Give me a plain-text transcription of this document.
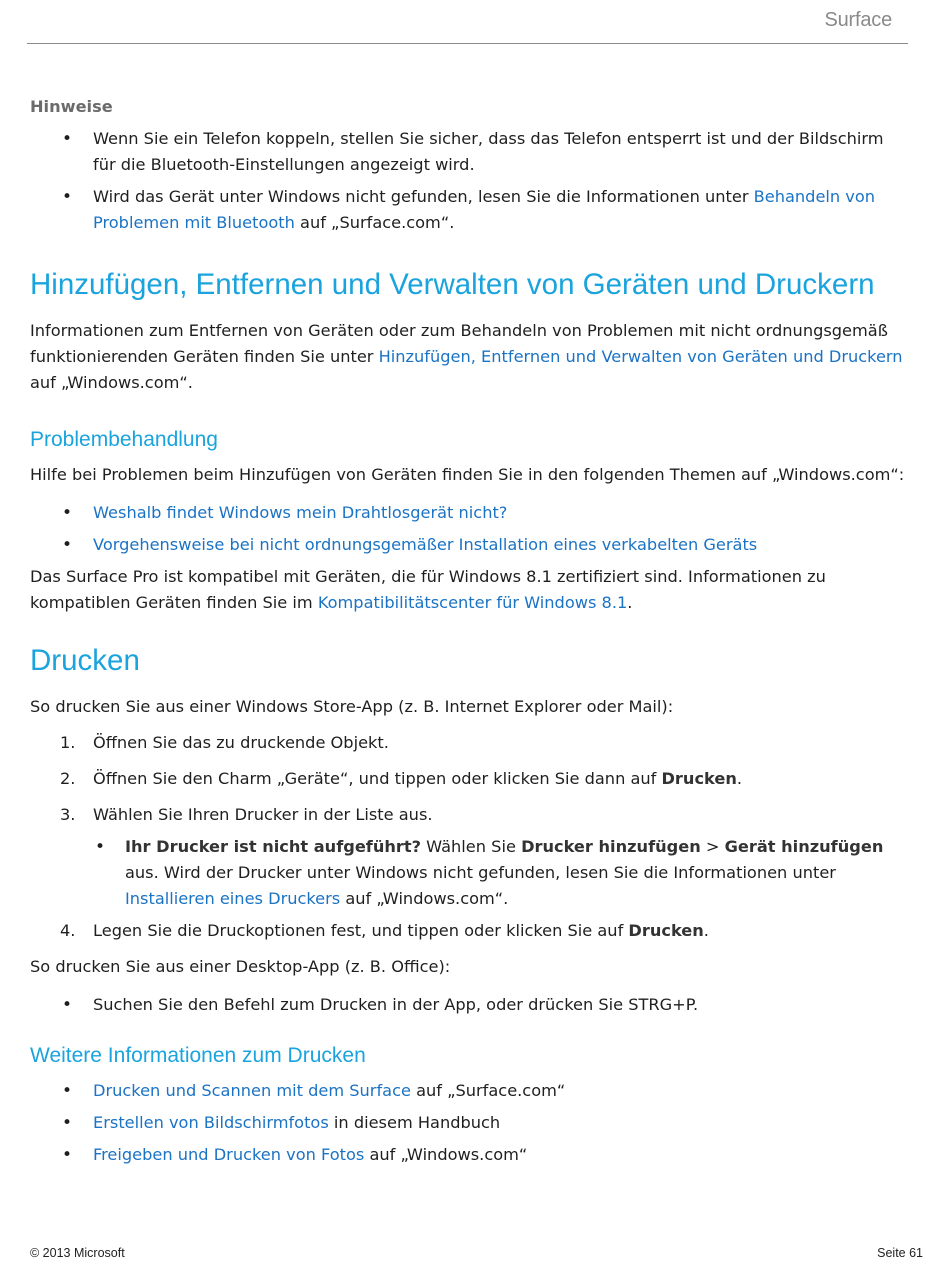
Surface
Hinweise
• Wenn Sie ein Telefon koppeln, stellen Sie sicher, dass das Telefon entsperrt ist und der Bildschirm für die Bluetooth-Einstellungen angezeigt wird.
• Wird das Gerät unter Windows nicht gefunden, lesen Sie die Informationen unter Behandeln von Problemen mit Bluetooth auf „Surface.com“.
Hinzufügen, Entfernen und Verwalten von Geräten und Druckern

Informationen zum Entfernen von Geräten oder zum Behandeln von Problemen mit nicht ordnungsgemäß funktionierenden Geräten finden Sie unter Hinzufügen, Entfernen und Verwalten von Geräten und Druckern auf „Windows.com“.

Problembehandlung

Hilfe bei Problemen beim Hinzufügen von Geräten finden Sie in den folgenden Themen auf „Windows.com“:

• Weshalb findet Windows mein Drahtlosgerät nicht?
• Vorgehensweise bei nicht ordnungsgemäßer Installation eines verkabelten Geräts

Das Surface Pro ist kompatibel mit Geräten, die für Windows 8.1 zertifiziert sind. Informationen zu kompatiblen Geräten finden Sie im Kompatibilitätscenter für Windows 8.1.

Drucken

So drucken Sie aus einer Windows Store-App (z. B. Internet Explorer oder Mail):

1. Öffnen Sie das zu druckende Objekt.
2. Öffnen Sie den Charm „Geräte“, und tippen oder klicken Sie dann auf Drucken.
3. Wählen Sie Ihren Drucker in der Liste aus.
• Ihr Drucker ist nicht aufgeführt? Wählen Sie Drucker hinzufügen > Gerät hinzufügen aus. Wird der Drucker unter Windows nicht gefunden, lesen Sie die Informationen unter Installieren eines Druckers auf „Windows.com“.
4. Legen Sie die Druckoptionen fest, und tippen oder klicken Sie auf Drucken.

So drucken Sie aus einer Desktop-App (z. B. Office):

• Suchen Sie den Befehl zum Drucken in der App, oder drücken Sie STRG+P.
Weitere Informationen zum Drucken
• Drucken und Scannen mit dem Surface auf „Surface.com“
• Erstellen von Bildschirmfotos in diesem Handbuch
• Freigeben und Drucken von Fotos auf „Windows.com“
© 2013 Microsoft	Seite 61
